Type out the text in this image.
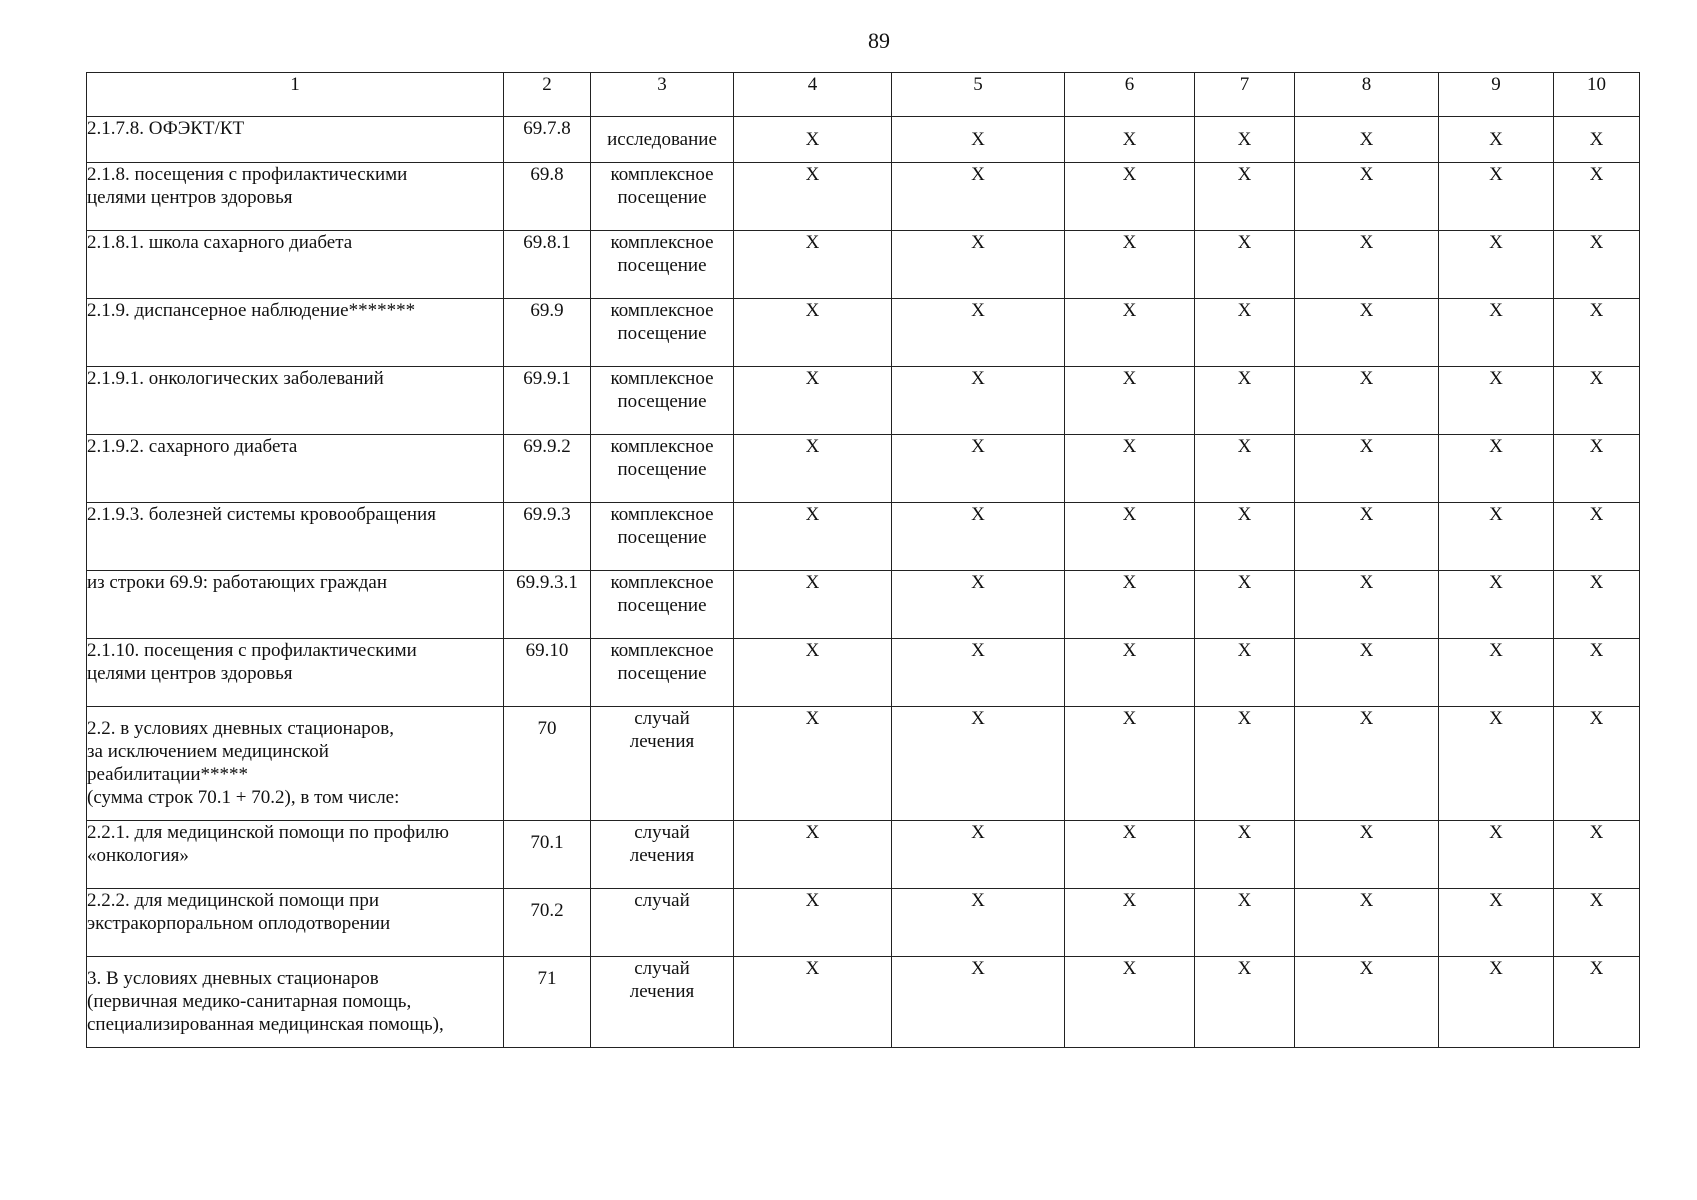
89
1	2	3	4	5	6	7	8	9	10

2.1.7.8. ОФЭКТ/КТ	69.7.8	исследование	X	X	X	X	X	X	X

2.1.8. посещения с профилактическими
целями центров здоровья	69.8	комплексное
посещение	X	X	X	X	X	X	X

2.1.8.1. школа сахарного диабета	69.8.1	комплексное
посещение	X	X	X	X	X	X	X

2.1.9. диспансерное наблюдение*******	69.9	комплексное
посещение	X	X	X	X	X	X	X

2.1.9.1. онкологических заболеваний	69.9.1	комплексное
посещение	X	X	X	X	X	X	X

2.1.9.2. сахарного диабета	69.9.2	комплексное
посещение	X	X	X	X	X	X	X

2.1.9.3. болезней системы кровообращения	69.9.3	комплексное
посещение	X	X	X	X	X	X	X

из строки 69.9: работающих граждан	69.9.3.1	комплексное
посещение	X	X	X	X	X	X	X

2.1.10. посещения с профилактическими
целями центров здоровья	69.10	комплексное
посещение	X	X	X	X	X	X	X

2.2. в условиях дневных стационаров,
за исключением медицинской
реабилитации*****
(сумма строк 70.1 + 70.2), в том числе:	70	случай
лечения	X	X	X	X	X	X	X

2.2.1. для медицинской помощи по профилю
«онкология»	70.1	случай
лечения	X	X	X	X	X	X	X

2.2.2. для медицинской помощи при
экстракорпоральном оплодотворении	70.2	случай	X	X	X	X	X	X	X

3. В условиях дневных стационаров
(первичная медико-санитарная помощь,
специализированная медицинская помощь),	71	случай
лечения	X	X	X	X	X	X	X
